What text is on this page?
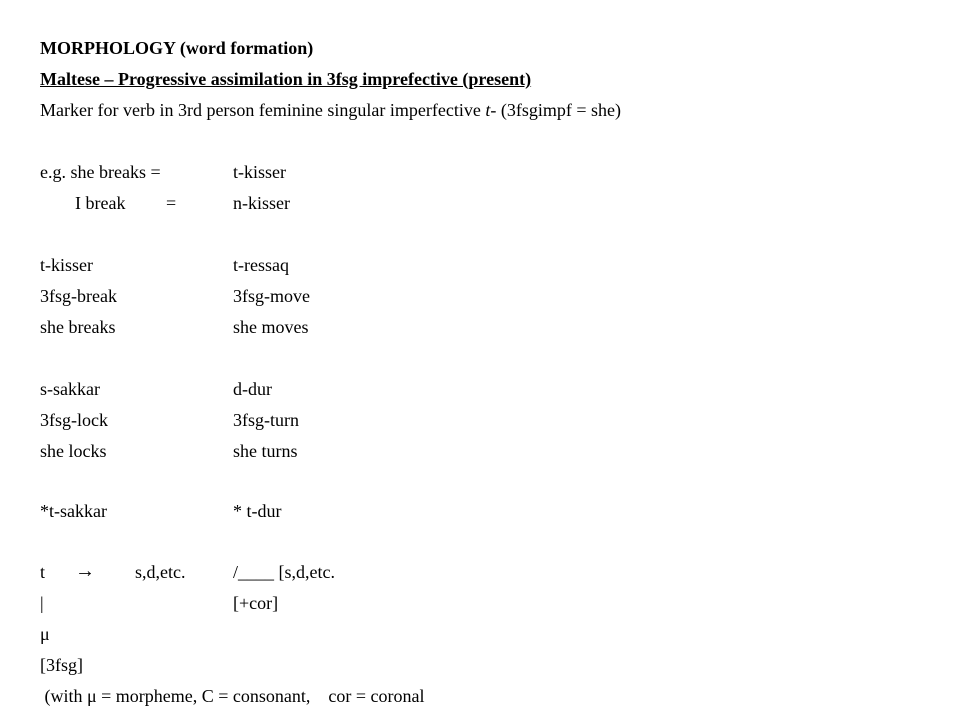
MORPHOLOGY (word formation)
Maltese – Progressive assimilation in 3fsg imprefective (present)
Marker for verb in 3rd person feminine singular imperfective t- (3fsgimpf = she)
e.g. she breaks =	t-kisser
I break =	n-kisser
t-kisser	t-ressaq
3fsg-break	3fsg-move
she breaks	she moves
s-sakkar	d-dur
3fsg-lock	3fsg-turn
she locks	she turns
*t-sakkar	* t-dur
t → s,d,etc.	/____ [s,d,etc.
|	[+cor]
μ
[3fsg]
(with μ = morpheme, C = consonant,    cor = coronal
